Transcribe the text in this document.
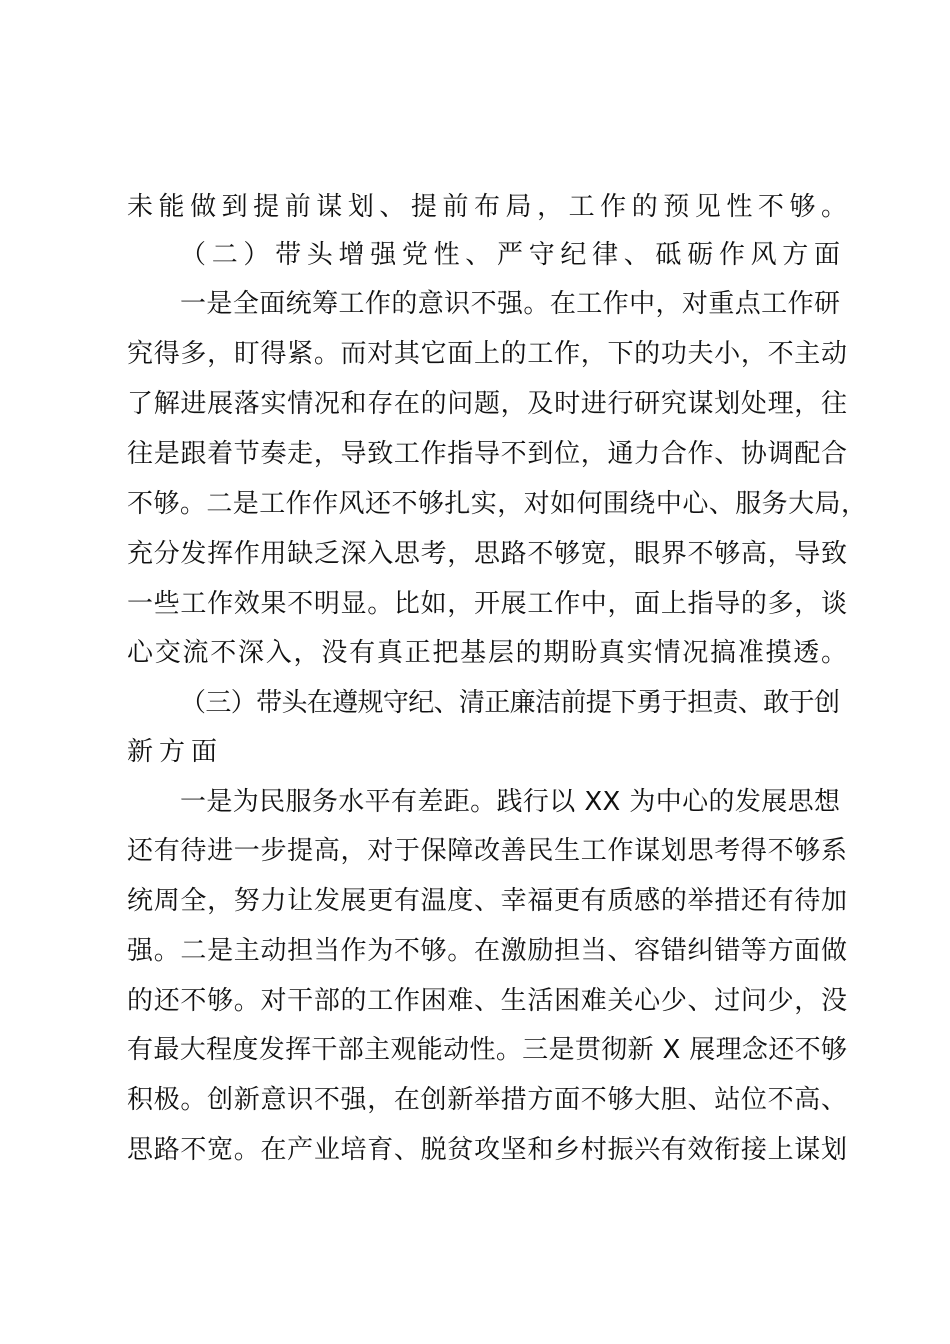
未能做到提前谋划、提前布局，工作的预见性不够。
（二）带头增强党性、严守纪律、砥砺作风方面
一是全面统筹工作的意识不强。在工作中，对重点工作研
究得多，盯得紧。而对其它面上的工作，下的功夫小，不主动
了解进展落实情况和存在的问题，及时进行研究谋划处理，往
往是跟着节奏走，导致工作指导不到位，通力合作、协调配合
不够。二是工作作风还不够扎实，对如何围绕中心、服务大局，
充分发挥作用缺乏深入思考，思路不够宽，眼界不够高，导致
一些工作效果不明显。比如，开展工作中，面上指导的多，谈
心交流不深入，没有真正把基层的期盼真实情况搞准摸透。
（三）带头在遵规守纪、清正廉洁前提下勇于担责、敢于创
新方面
一是为民服务水平有差距。践行以 XX 为中心的发展思想
还有待进一步提高，对于保障改善民生工作谋划思考得不够系
统周全，努力让发展更有温度、幸福更有质感的举措还有待加
强。二是主动担当作为不够。在激励担当、容错纠错等方面做
的还不够。对干部的工作困难、生活困难关心少、过问少，没
有最大程度发挥干部主观能动性。三是贯彻新 X 展理念还不够
积极。创新意识不强，在创新举措方面不够大胆、站位不高、
思路不宽。在产业培育、脱贫攻坚和乡村振兴有效衔接上谋划
